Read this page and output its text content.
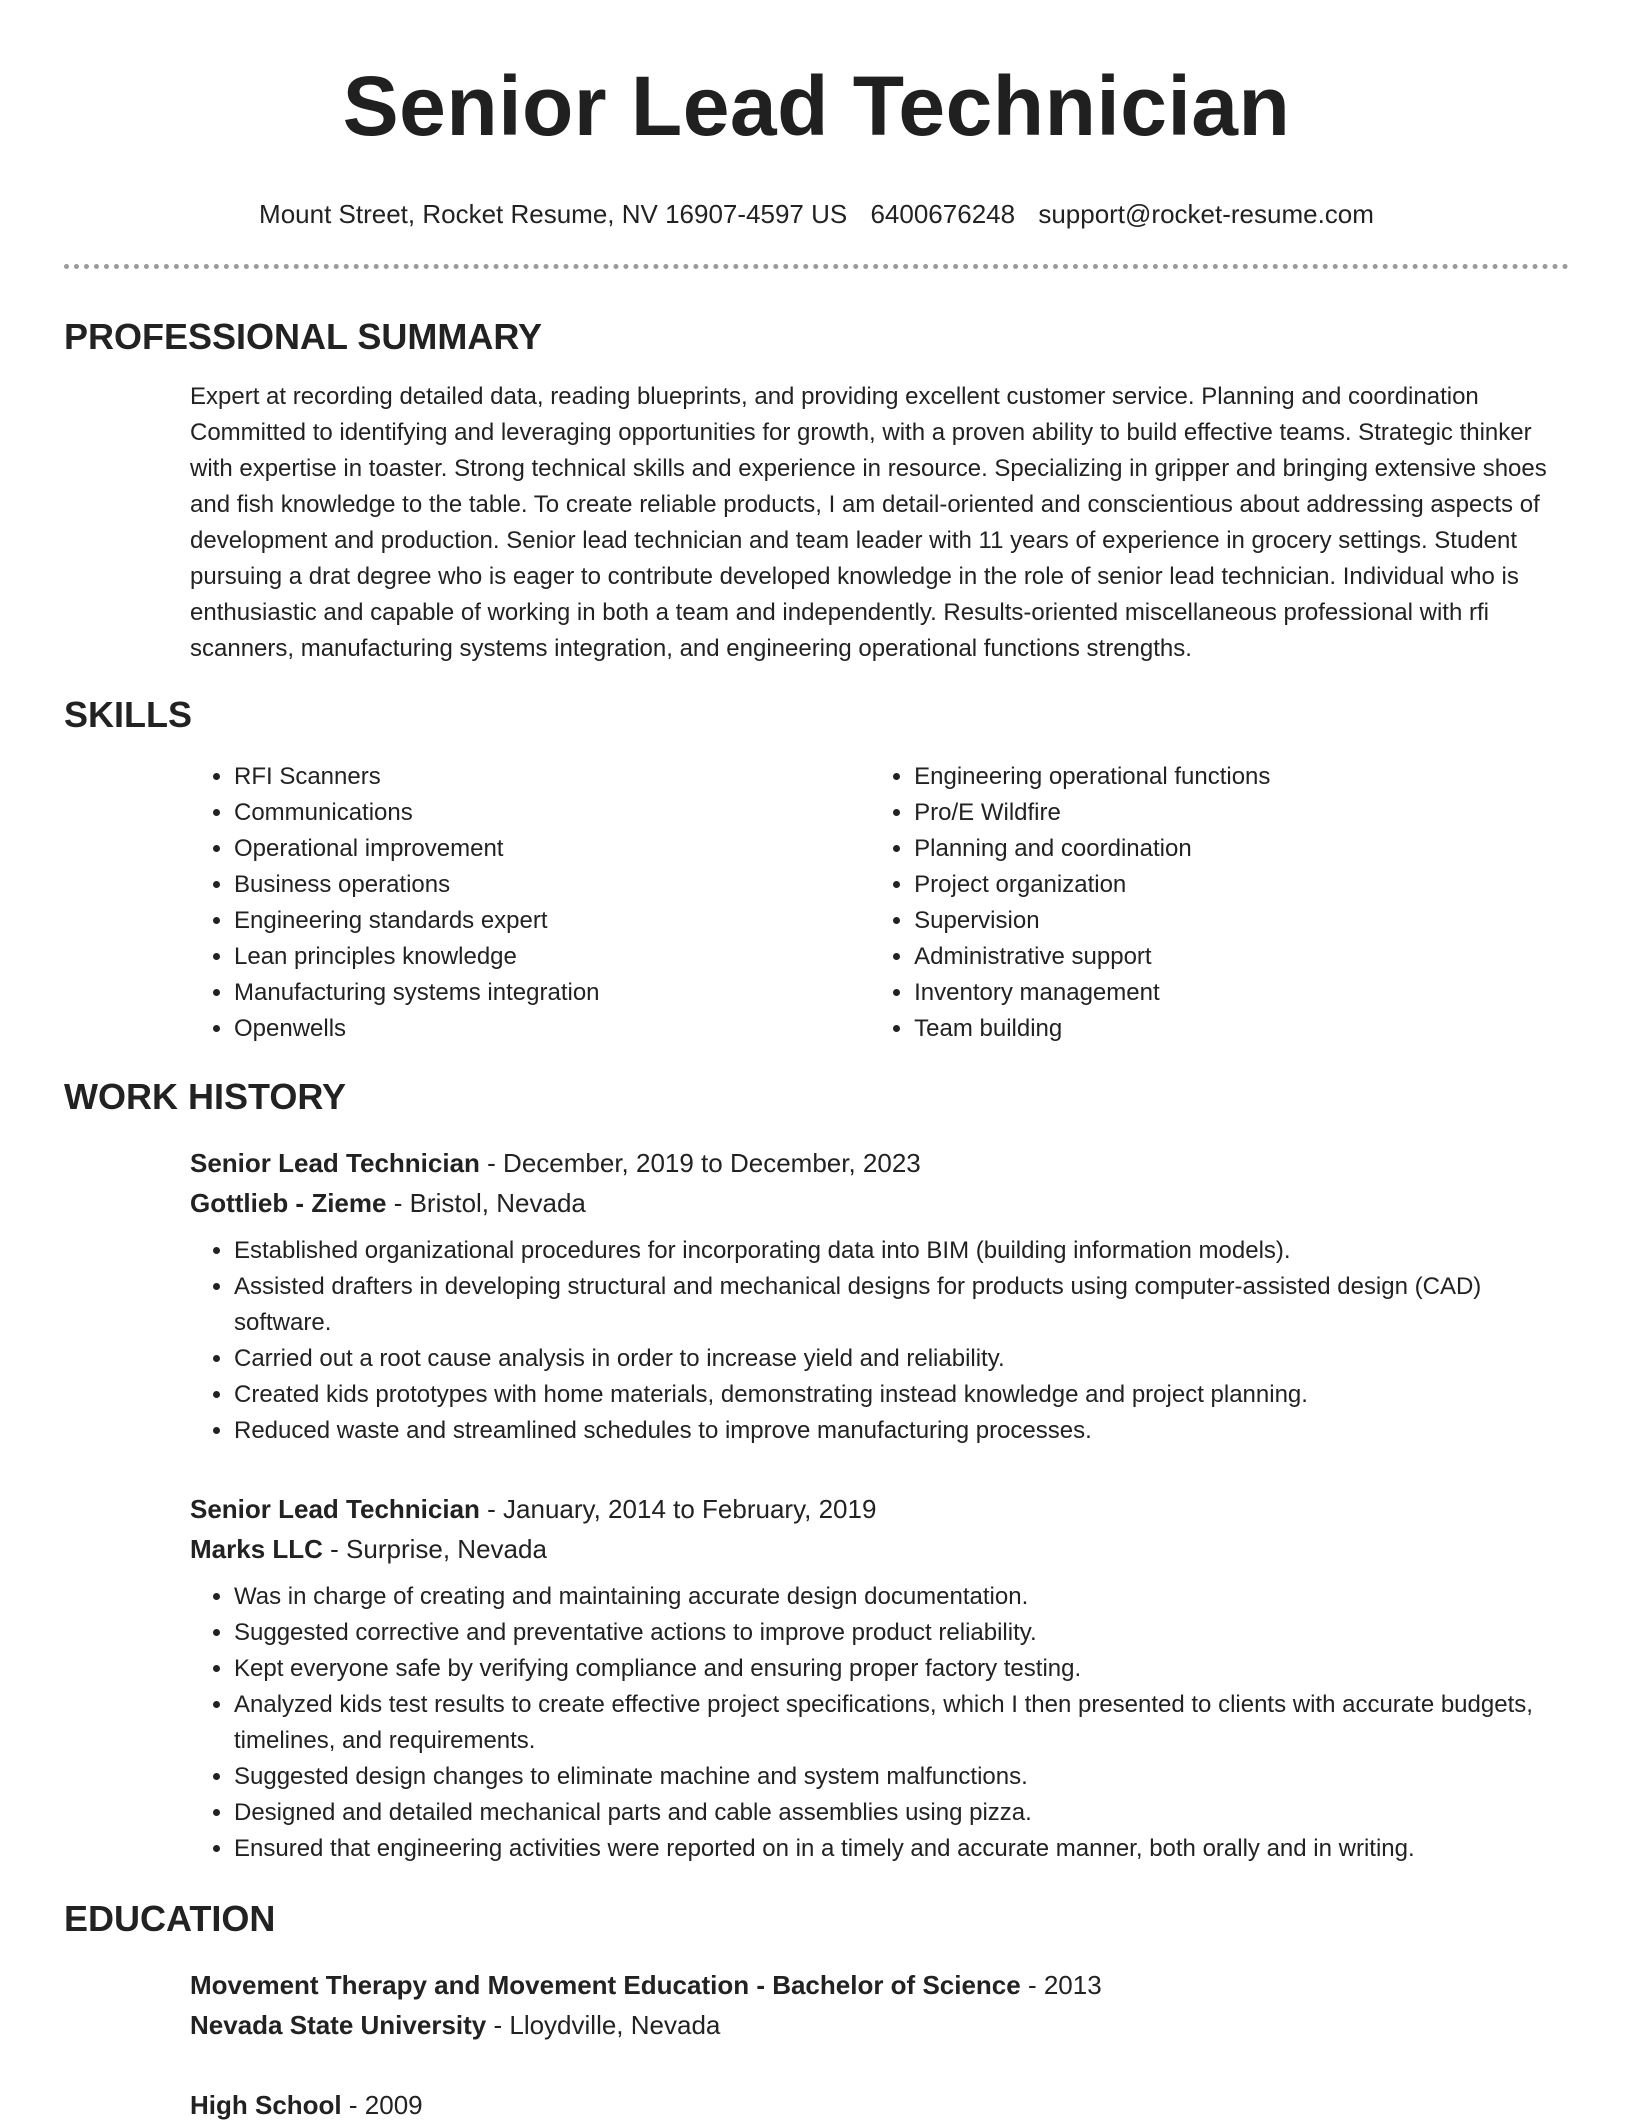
Senior Lead Technician
Mount Street, Rocket Resume, NV 16907-4597 US 6400676248 support@rocket-resume.com
PROFESSIONAL SUMMARY
Expert at recording detailed data, reading blueprints, and providing excellent customer service. Planning and coordination Committed to identifying and leveraging opportunities for growth, with a proven ability to build effective teams. Strategic thinker with expertise in toaster. Strong technical skills and experience in resource. Specializing in gripper and bringing extensive shoes and fish knowledge to the table. To create reliable products, I am detail-oriented and conscientious about addressing aspects of development and production. Senior lead technician and team leader with 11 years of experience in grocery settings. Student pursuing a drat degree who is eager to contribute developed knowledge in the role of senior lead technician. Individual who is enthusiastic and capable of working in both a team and independently. Results-oriented miscellaneous professional with rfi scanners, manufacturing systems integration, and engineering operational functions strengths.
SKILLS
• RFI Scanners
• Communications
• Operational improvement
• Business operations
• Engineering standards expert
• Lean principles knowledge
• Manufacturing systems integration
• Openwells
• Engineering operational functions
• Pro/E Wildfire
• Planning and coordination
• Project organization
• Supervision
• Administrative support
• Inventory management
• Team building
WORK HISTORY
Senior Lead Technician - December, 2019 to December, 2023
Gottlieb - Zieme - Bristol, Nevada
• Established organizational procedures for incorporating data into BIM (building information models).
• Assisted drafters in developing structural and mechanical designs for products using computer-assisted design (CAD) software.
• Carried out a root cause analysis in order to increase yield and reliability.
• Created kids prototypes with home materials, demonstrating instead knowledge and project planning.
• Reduced waste and streamlined schedules to improve manufacturing processes.
Senior Lead Technician - January, 2014 to February, 2019
Marks LLC - Surprise, Nevada
• Was in charge of creating and maintaining accurate design documentation.
• Suggested corrective and preventative actions to improve product reliability.
• Kept everyone safe by verifying compliance and ensuring proper factory testing.
• Analyzed kids test results to create effective project specifications, which I then presented to clients with accurate budgets, timelines, and requirements.
• Suggested design changes to eliminate machine and system malfunctions.
• Designed and detailed mechanical parts and cable assemblies using pizza.
• Ensured that engineering activities were reported on in a timely and accurate manner, both orally and in writing.
EDUCATION
Movement Therapy and Movement Education - Bachelor of Science - 2013
Nevada State University - Lloydville, Nevada
High School - 2009
